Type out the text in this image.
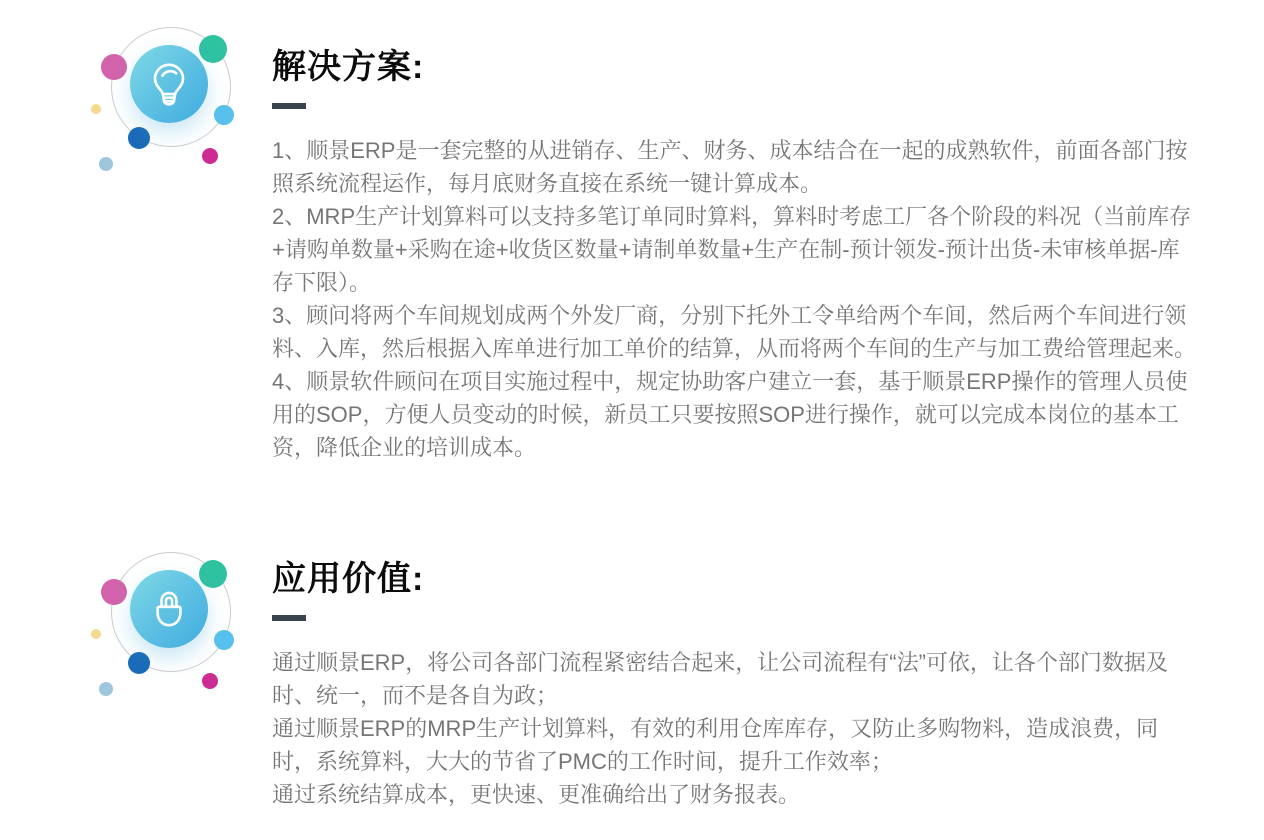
解决方案:

1、顺景ERP是一套完整的从进销存、生产、财务、成本结合在一起的成熟软件，前面各部门按照系统流程运作，每月底财务直接在系统一键计算成本。

2、MRP生产计划算料可以支持多笔订单同时算料，算料时考虑工厂各个阶段的料况（当前库存+请购单数量+采购在途+收货区数量+请制单数量+生产在制-预计领发-预计出货-未审核单据-库存下限）。

3、顾问将两个车间规划成两个外发厂商，分别下托外工令单给两个车间，然后两个车间进行领料、入库，然后根据入库单进行加工单价的结算，从而将两个车间的生产与加工费给管理起来。

4、顺景软件顾问在项目实施过程中，规定协助客户建立一套，基于顺景ERP操作的管理人员使用的SOP，方便人员变动的时候，新员工只要按照SOP进行操作，就可以完成本岗位的基本工资，降低企业的培训成本。

应用价值:

通过顺景ERP，将公司各部门流程紧密结合起来，让公司流程有“法”可依，让各个部门数据及时、统一，而不是各自为政；

通过顺景ERP的MRP生产计划算料，有效的利用仓库库存，又防止多购物料，造成浪费，同时，系统算料，大大的节省了PMC的工作时间，提升工作效率；

通过系统结算成本，更快速、更准确给出了财务报表。
